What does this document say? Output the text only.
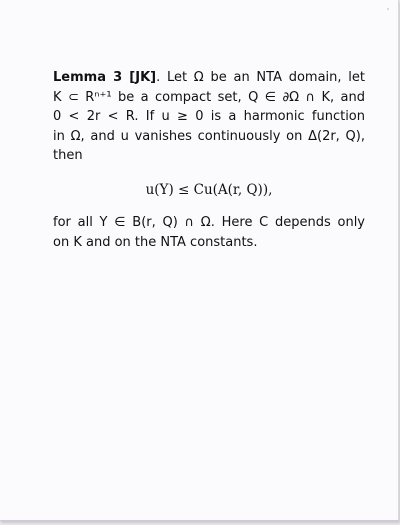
Lemma 3 [JK]. Let Ω be an NTA domain, let
K ⊂ Rⁿ⁺¹ be a compact set, Q ∈ ∂Ω ∩ K, and
0 < 2r < R. If u ≥ 0 is a harmonic function
in Ω, and u vanishes continuously on Δ(2r, Q),
then
u(Y) ≤ Cu(A(r, Q)),
for all Y ∈ B(r, Q) ∩ Ω. Here C depends only
on K and on the NTA constants.
